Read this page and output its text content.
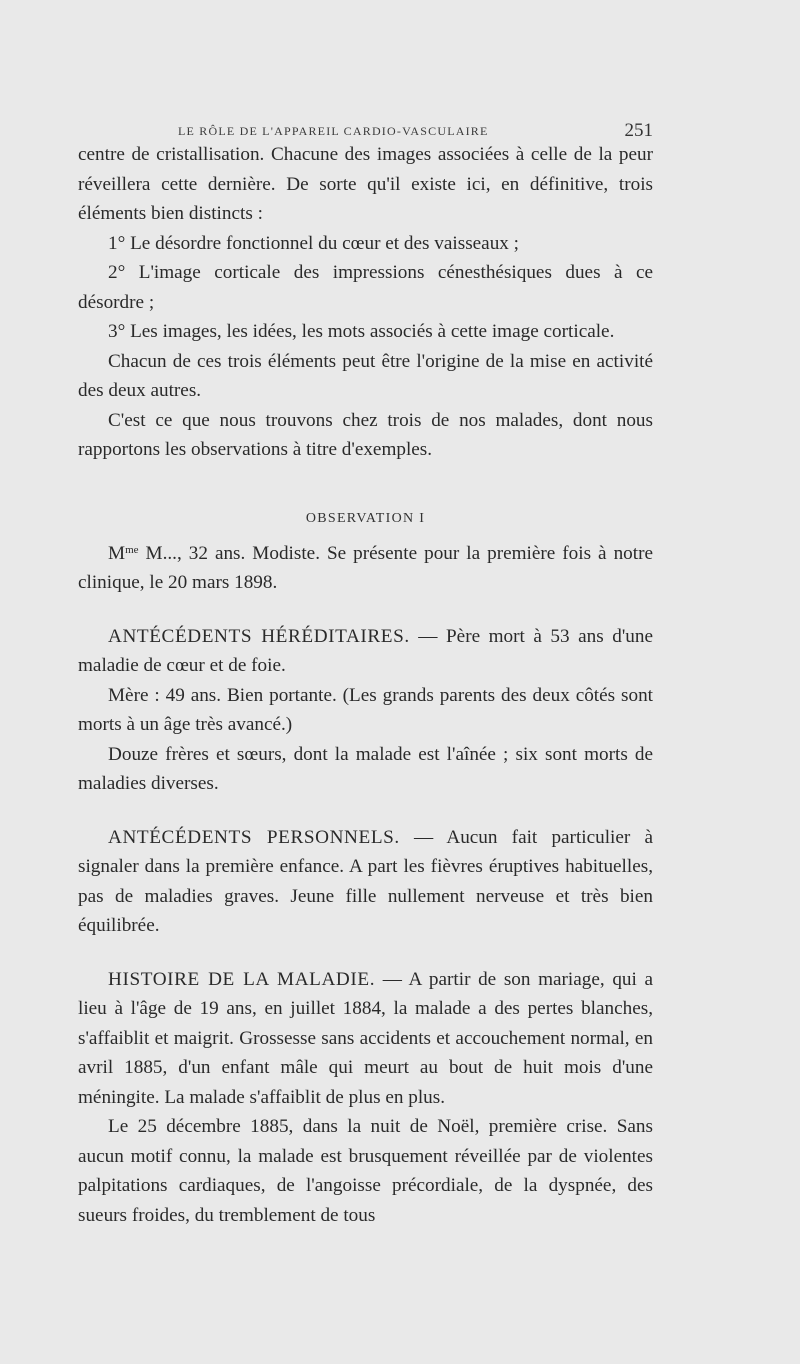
LE RÔLE DE L'APPAREIL CARDIO-VASCULAIRE	251

centre de cristallisation. Chacune des images associées à celle de la peur réveillera cette dernière. De sorte qu'il existe ici, en définitive, trois éléments bien distincts :

1° Le désordre fonctionnel du cœur et des vaisseaux ;

2° L'image corticale des impressions cénesthésiques dues à ce désordre ;

3° Les images, les idées, les mots associés à cette image corticale.

Chacun de ces trois éléments peut être l'origine de la mise en activité des deux autres.

C'est ce que nous trouvons chez trois de nos malades, dont nous rapportons les observations à titre d'exemples.

OBSERVATION I

$M^{me}$ M..., 32 ans. Modiste. Se présente pour la première fois à notre clinique, le 20 mars 1898.

ANTÉCÉDENTS HÉRÉDITAIRES. — Père mort à 53 ans d'une maladie de cœur et de foie.

Mère : 49 ans. Bien portante. (Les grands parents des deux côtés sont morts à un âge très avancé.)

Douze frères et sœurs, dont la malade est l'aînée ; six sont morts de maladies diverses.

ANTÉCÉDENTS PERSONNELS. — Aucun fait particulier à signaler dans la première enfance. A part les fièvres éruptives habituelles, pas de maladies graves. Jeune fille nullement nerveuse et très bien équilibrée.

HISTOIRE DE LA MALADIE. — A partir de son mariage, qui a lieu à l'âge de 19 ans, en juillet 1884, la malade a des pertes blanches, s'affaiblit et maigrit. Grossesse sans accidents et accouchement normal, en avril 1885, d'un enfant mâle qui meurt au bout de huit mois d'une méningite. La malade s'affaiblit de plus en plus.

Le 25 décembre 1885, dans la nuit de Noël, première crise. Sans aucun motif connu, la malade est brusquement réveillée par de violentes palpitations cardiaques, de l'angoisse précordiale, de la dyspnée, des sueurs froides, du tremblement de tous
